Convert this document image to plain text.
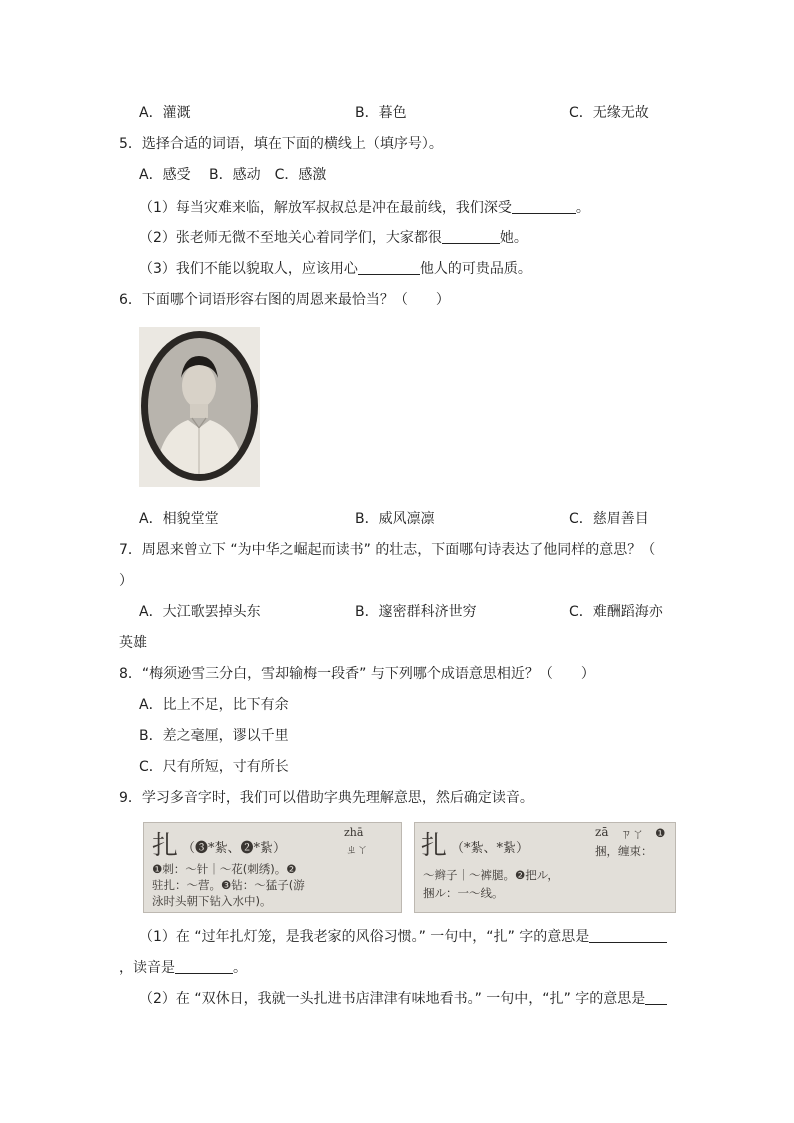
A．灌溉	B．暮色	C．无缘无故
5．选择合适的词语，填在下面的横线上（填序号）。
A．感受　 B．感动　C．感激
（1）每当灾难来临，解放军叔叔总是冲在最前线，我们深受	。
（2）张老师无微不至地关心着同学们，大家都很	她。
（3）我们不能以貌取人，应该用心	他人的可贵品质。
6．下面哪个词语形容右图的周恩来最恰当？（　　）
A．相貌堂堂	B．威风凛凛	C．慈眉善目
7．周恩来曾立下 “为中华之崛起而读书” 的壮志，下面哪句诗表达了他同样的意思？（
）
A．大江歌罢掉头东	B．邃密群科济世穷	C．难酬蹈海亦
英雄
8．“梅须逊雪三分白，雪却输梅一段香” 与下列哪个成语意思相近？（　　）
A．比上不足，比下有余
B．差之毫厘，谬以千里
C．尺有所短，寸有所长
9．学习多音字时，我们可以借助字典先理解意思，然后确定读音。
扎 （❸*紮、❷*紥）
zhā
ㄓㄚ
❶刺：～针｜～花(刺绣)。❷
驻扎：～营。❸钻：～猛子(游
泳时头朝下钻入水中)。
扎 （*紮、*紥）
zā ㄗㄚ ❶
捆，缠束：
～辫子｜～裤腿。❷把ル，
捆ル：一～线。
（1）在 “过年扎灯笼，是我老家的风俗习惯。” 一句中，“扎” 字的意思是
，读音是	。
（2）在 “双休日，我就一头扎进书店津津有味地看书。” 一句中，“扎” 字的意思是
